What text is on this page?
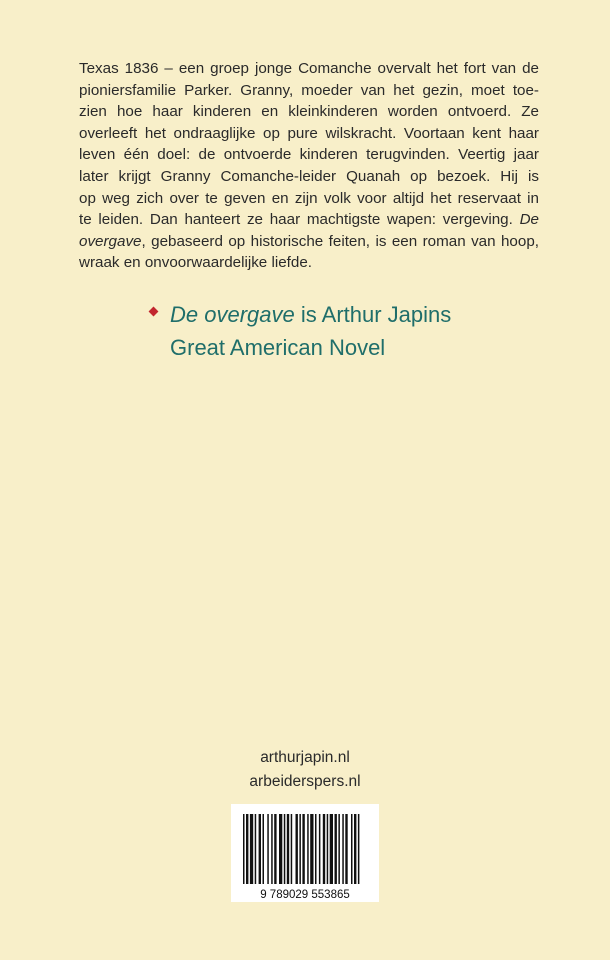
Texas 1836 – een groep jonge Comanche overvalt het fort van de
pioniersfamilie Parker. Granny, moeder van het gezin, moet toe-
zien hoe haar kinderen en kleinkinderen worden ontvoerd. Ze
overleeft het ondraaglijke op pure wilskracht. Voortaan kent haar
leven één doel: de ontvoerde kinderen terugvinden. Veertig jaar
later krijgt Granny Comanche-leider Quanah op bezoek. Hij is
op weg zich over te geven en zijn volk voor altijd het reservaat in
te leiden. Dan hanteert ze haar machtigste wapen: vergeving. De
overgave, gebaseerd op historische feiten, is een roman van hoop,
wraak en onvoorwaardelijke liefde.
De overgave is Arthur Japins
Great American Novel
arthurjapin.nl
arbeiderspers.nl
9 789029 553865
